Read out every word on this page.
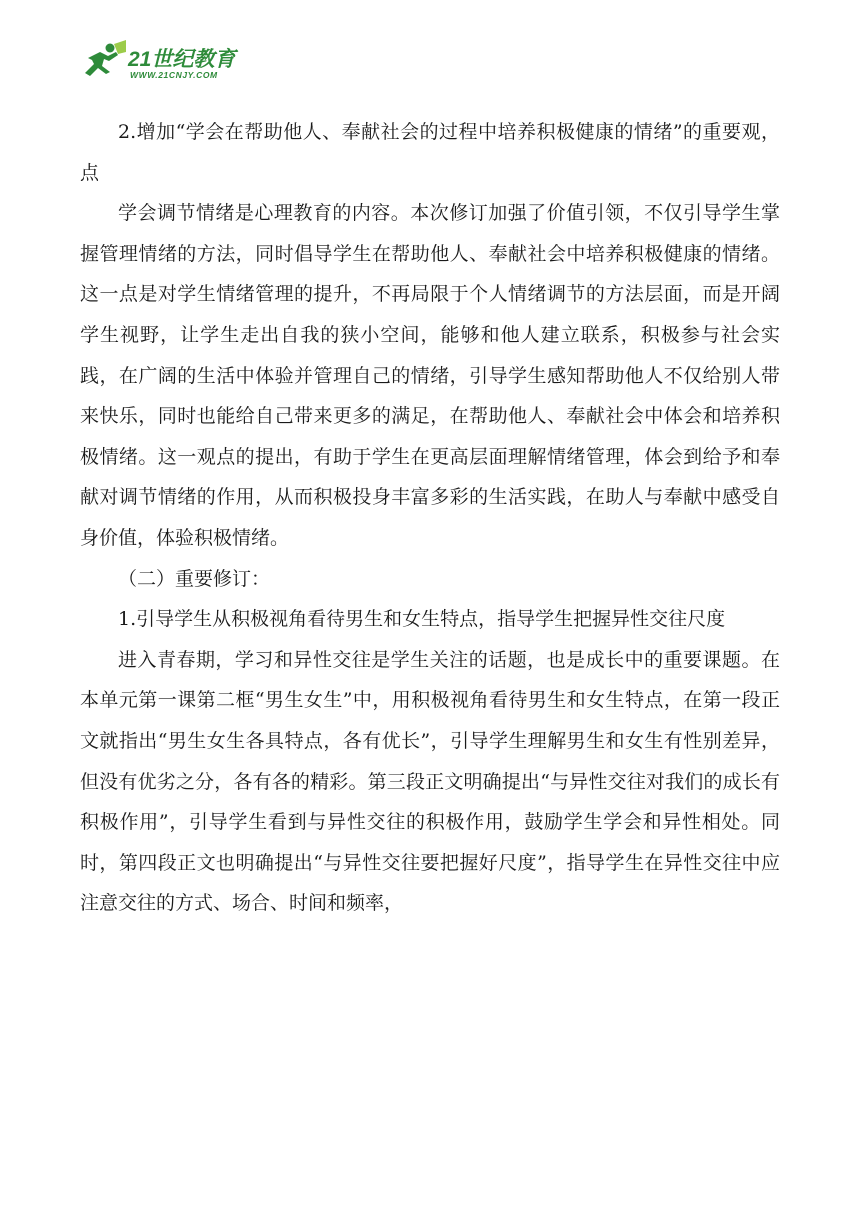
21世纪教育
WWW.21CNJY.COM

2.增加“学会在帮助他人、奉献社会的过程中培养积极健康的情绪”的重要观，点

学会调节情绪是心理教育的内容。本次修订加强了价值引领，不仅引导学生掌握管理情绪的方法，同时倡导学生在帮助他人、奉献社会中培养积极健康的情绪。这一点是对学生情绪管理的提升，不再局限于个人情绪调节的方法层面，而是开阔学生视野，让学生走出自我的狭小空间，能够和他人建立联系，积极参与社会实践，在广阔的生活中体验并管理自己的情绪，引导学生感知帮助他人不仅给别人带来快乐，同时也能给自己带来更多的满足，在帮助他人、奉献社会中体会和培养积极情绪。这一观点的提出，有助于学生在更高层面理解情绪管理，体会到给予和奉献对调节情绪的作用，从而积极投身丰富多彩的生活实践，在助人与奉献中感受自身价值，体验积极情绪。

（二）重要修订：

1.引导学生从积极视角看待男生和女生特点，指导学生把握异性交往尺度

进入青春期，学习和异性交往是学生关注的话题，也是成长中的重要课题。在本单元第一课第二框“男生女生”中，用积极视角看待男生和女生特点，在第一段正文就指出“男生女生各具特点，各有优长”，引导学生理解男生和女生有性别差异，但没有优劣之分，各有各的精彩。第三段正文明确提出“与异性交往对我们的成长有积极作用”，引导学生看到与异性交往的积极作用，鼓励学生学会和异性相处。同时，第四段正文也明确提出“与异性交往要把握好尺度”，指导学生在异性交往中应注意交往的方式、场合、时间和频率，
